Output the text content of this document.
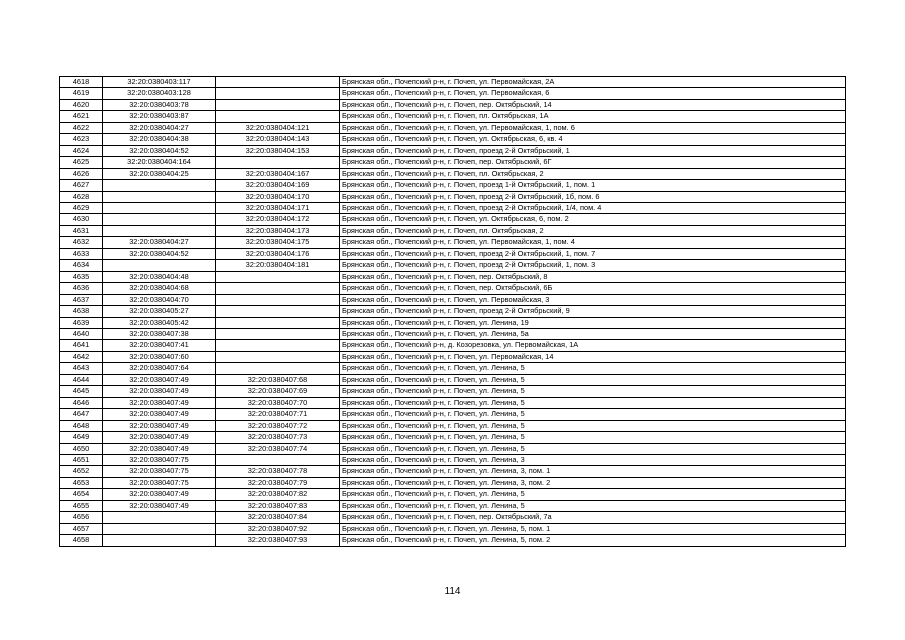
4618	32:20:0380403:117		Брянская обл., Почепский р-н, г. Почеп, ул. Первомайская, 2А
4619	32:20:0380403:128		Брянская обл., Почепский р-н, г. Почеп, ул. Первомайская, 6
4620	32:20:0380403:78		Брянская обл., Почепский р-н, г. Почеп, пер. Октябрьский, 14
4621	32:20:0380403:87		Брянская обл., Почепский р-н, г. Почеп, пл. Октябрьская, 1А
4622	32:20:0380404:27	32:20:0380404:121	Брянская обл., Почепский р-н, г. Почеп, ул. Первомайская, 1, пом. 6
4623	32:20:0380404:38	32:20:0380404:143	Брянская обл., Почепский р-н, г. Почеп, ул. Октябрьская, 6, кв. 4
4624	32:20:0380404:52	32:20:0380404:153	Брянская обл., Почепский р-н, г. Почеп, проезд 2-й Октябрьский, 1
4625	32:20:0380404:164		Брянская обл., Почепский р-н, г. Почеп, пер. Октябрьский, 6Г
4626	32:20:0380404:25	32:20:0380404:167	Брянская обл., Почепский р-н, г. Почеп, пл. Октябрьская, 2
4627		32:20:0380404:169	Брянская обл., Почепский р-н, г. Почеп, проезд 1-й Октябрьский, 1, пом. 1
4628		32:20:0380404:170	Брянская обл., Почепский р-н, г. Почеп, проезд 2-й Октябрьский, 1б, пом. 6
4629		32:20:0380404:171	Брянская обл., Почепский р-н, г. Почеп, проезд 2-й Октябрьский, 1/4, пом. 4
4630		32:20:0380404:172	Брянская обл., Почепский р-н, г. Почеп, ул. Октябрьская, 6, пом. 2
4631		32:20:0380404:173	Брянская обл., Почепский р-н, г. Почеп, пл. Октябрьская, 2
4632	32:20:0380404:27	32:20:0380404:175	Брянская обл., Почепский р-н, г. Почеп, ул. Первомайская, 1, пом. 4
4633	32:20:0380404:52	32:20:0380404:176	Брянская обл., Почепский р-н, г. Почеп, проезд 2-й Октябрьский, 1, пом. 7
4634		32:20:0380404:181	Брянская обл., Почепский р-н, г. Почеп, проезд 2-й Октябрьский, 1, пом. 3
4635	32:20:0380404:48		Брянская обл., Почепский р-н, г. Почеп, пер. Октябрьский, 8
4636	32:20:0380404:68		Брянская обл., Почепский р-н, г. Почеп, пер. Октябрьский, 6Б
4637	32:20:0380404:70		Брянская обл., Почепский р-н, г. Почеп, ул. Первомайская, 3
4638	32:20:0380405:27		Брянская обл., Почепский р-н, г. Почеп, проезд 2-й Октябрьский, 9
4639	32:20:0380405:42		Брянская обл., Почепский р-н, г. Почеп, ул. Ленина, 19
4640	32:20:0380407:38		Брянская обл., Почепский р-н, г. Почеп, ул. Ленина, 5а
4641	32:20:0380407:41		Брянская обл., Почепский р-н, д. Козорезовка, ул. Первомайская, 1А
4642	32:20:0380407:60		Брянская обл., Почепский р-н, г. Почеп, ул. Первомайская, 14
4643	32:20:0380407:64		Брянская обл., Почепский р-н, г. Почеп, ул. Ленина, 5
4644	32:20:0380407:49	32:20:0380407:68	Брянская обл., Почепский р-н, г. Почеп, ул. Ленина, 5
4645	32:20:0380407:49	32:20:0380407:69	Брянская обл., Почепский р-н, г. Почеп, ул. Ленина, 5
4646	32:20:0380407:49	32:20:0380407:70	Брянская обл., Почепский р-н, г. Почеп, ул. Ленина, 5
4647	32:20:0380407:49	32:20:0380407:71	Брянская обл., Почепский р-н, г. Почеп, ул. Ленина, 5
4648	32:20:0380407:49	32:20:0380407:72	Брянская обл., Почепский р-н, г. Почеп, ул. Ленина, 5
4649	32:20:0380407:49	32:20:0380407:73	Брянская обл., Почепский р-н, г. Почеп, ул. Ленина, 5
4650	32:20:0380407:49	32:20:0380407:74	Брянская обл., Почепский р-н, г. Почеп, ул. Ленина, 5
4651	32:20:0380407:75		Брянская обл., Почепский р-н, г. Почеп, ул. Ленина, 3
4652	32:20:0380407:75	32:20:0380407:78	Брянская обл., Почепский р-н, г. Почеп, ул. Ленина, 3, пом. 1
4653	32:20:0380407:75	32:20:0380407:79	Брянская обл., Почепский р-н, г. Почеп, ул. Ленина, 3, пом. 2
4654	32:20:0380407:49	32:20:0380407:82	Брянская обл., Почепский р-н, г. Почеп, ул. Ленина, 5
4655	32:20:0380407:49	32:20:0380407:83	Брянская обл., Почепский р-н, г. Почеп, ул. Ленина, 5
4656		32:20:0380407:84	Брянская обл., Почепский р-н, г. Почеп, пер. Октябрьский, 7а
4657		32:20:0380407:92	Брянская обл., Почепский р-н, г. Почеп, ул. Ленина, 5, пом. 1
4658		32:20:0380407:93	Брянская обл., Почепский р-н, г. Почеп, ул. Ленина, 5, пом. 2
114
